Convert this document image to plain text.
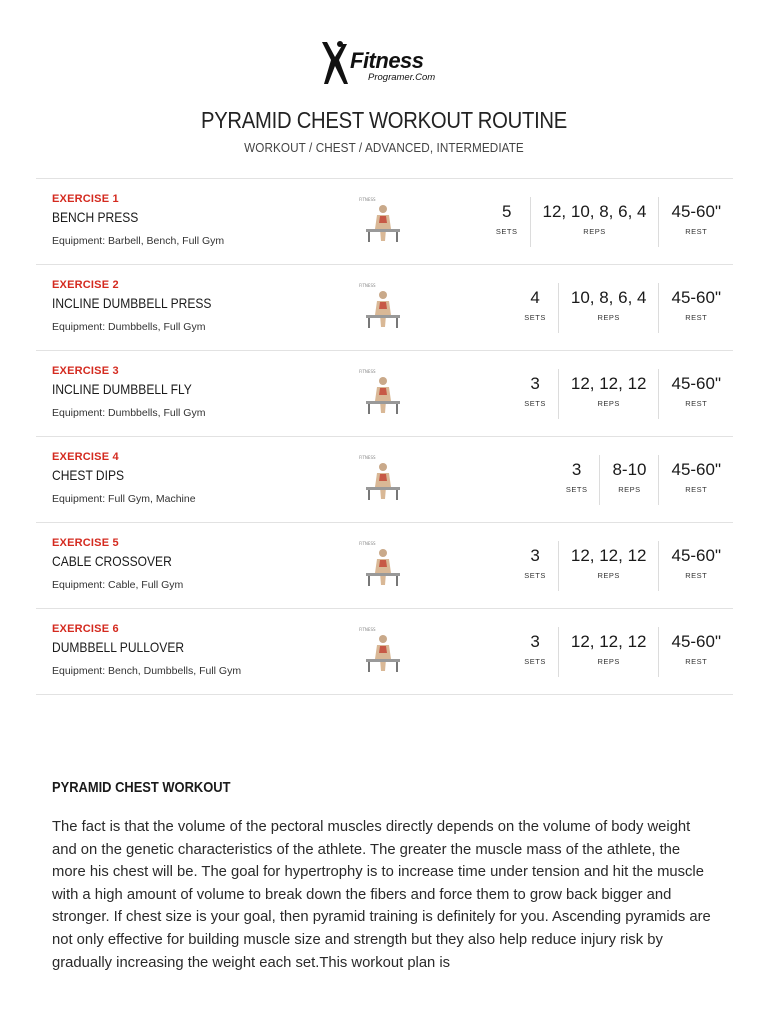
Fitness
Programer.Com
PYRAMID CHEST WORKOUT ROUTINE
WORKOUT / CHEST / ADVANCED, INTERMEDIATE
EXERCISE 1
BENCH PRESS
Equipment: Barbell, Bench, Full Gym
FITNESS
5
SETS
12, 10, 8, 6, 4
REPS
45-60"
REST
EXERCISE 2
INCLINE DUMBBELL PRESS
Equipment: Dumbbells, Full Gym
FITNESS
4
SETS
10, 8, 6, 4
REPS
45-60"
REST
EXERCISE 3
INCLINE DUMBBELL FLY
Equipment: Dumbbells, Full Gym
FITNESS
3
SETS
12, 12, 12
REPS
45-60"
REST
EXERCISE 4
CHEST DIPS
Equipment: Full Gym, Machine
FITNESS
3
SETS
8-10
REPS
45-60"
REST
EXERCISE 5
CABLE CROSSOVER
Equipment: Cable, Full Gym
FITNESS
3
SETS
12, 12, 12
REPS
45-60"
REST
EXERCISE 6
DUMBBELL PULLOVER
Equipment: Bench, Dumbbells, Full Gym
FITNESS
3
SETS
12, 12, 12
REPS
45-60"
REST
PYRAMID CHEST WORKOUT
The fact is that the volume of the pectoral muscles directly depends on the volume of body weight and on the genetic characteristics of the athlete. The greater the muscle mass of the athlete, the more his chest will be. The goal for hypertrophy is to increase time under tension and hit the muscle with a high amount of volume to break down the fibers and force them to grow back bigger and stronger. If chest size is your goal, then pyramid training is definitely for you. Ascending pyramids are not only effective for building muscle size and strength but they also help reduce injury risk by gradually increasing the weight each set.This workout plan is
